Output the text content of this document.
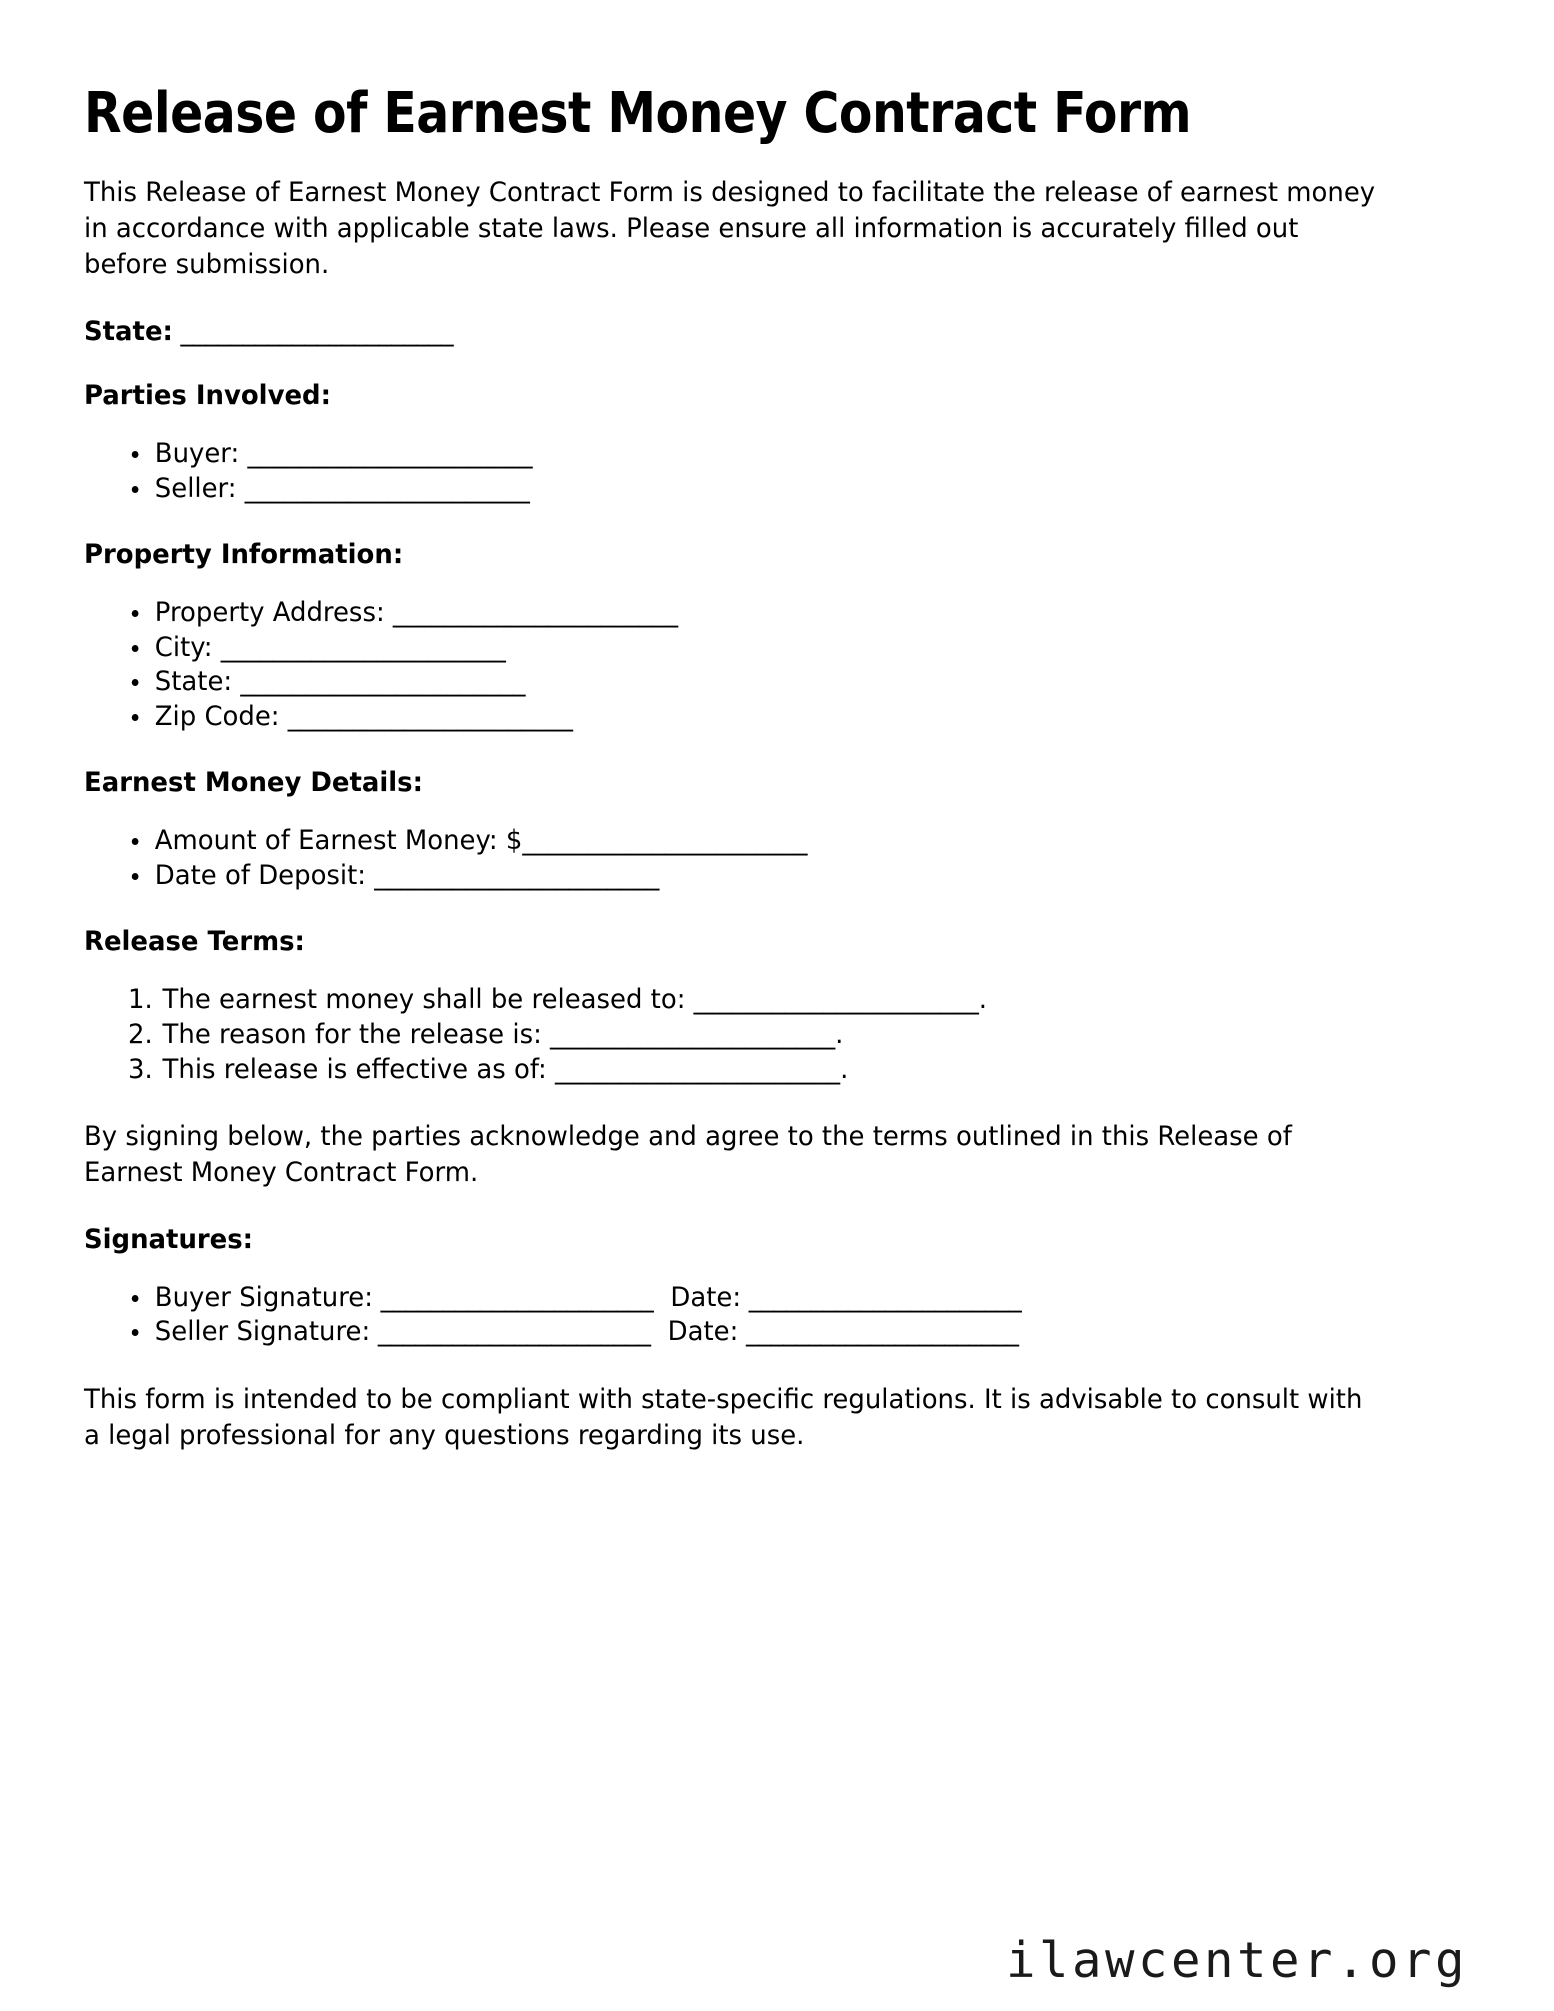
Release of Earnest Money Contract Form

This Release of Earnest Money Contract Form is designed to facilitate the release of earnest money in accordance with applicable state laws. Please ensure all information is accurately filled out before submission.

State: ______________________

Parties Involved:

Buyer: ______________________
Seller: ______________________

Property Information:

Property Address: ______________________
City: ______________________
State: ______________________
Zip Code: ______________________

Earnest Money Details:

Amount of Earnest Money: $______________________
Date of Deposit: ______________________

Release Terms:

The earnest money shall be released to: ______________________.
The reason for the release is: ______________________.
This release is effective as of: ______________________.

By signing below, the parties acknowledge and agree to the terms outlined in this Release of Earnest Money Contract Form.

Signatures:

Buyer Signature: ______________________ Date: ______________________
Seller Signature: ______________________ Date: ______________________

This form is intended to be compliant with state-specific regulations. It is advisable to consult with a legal professional for any questions regarding its use.

ilawcenter.org
